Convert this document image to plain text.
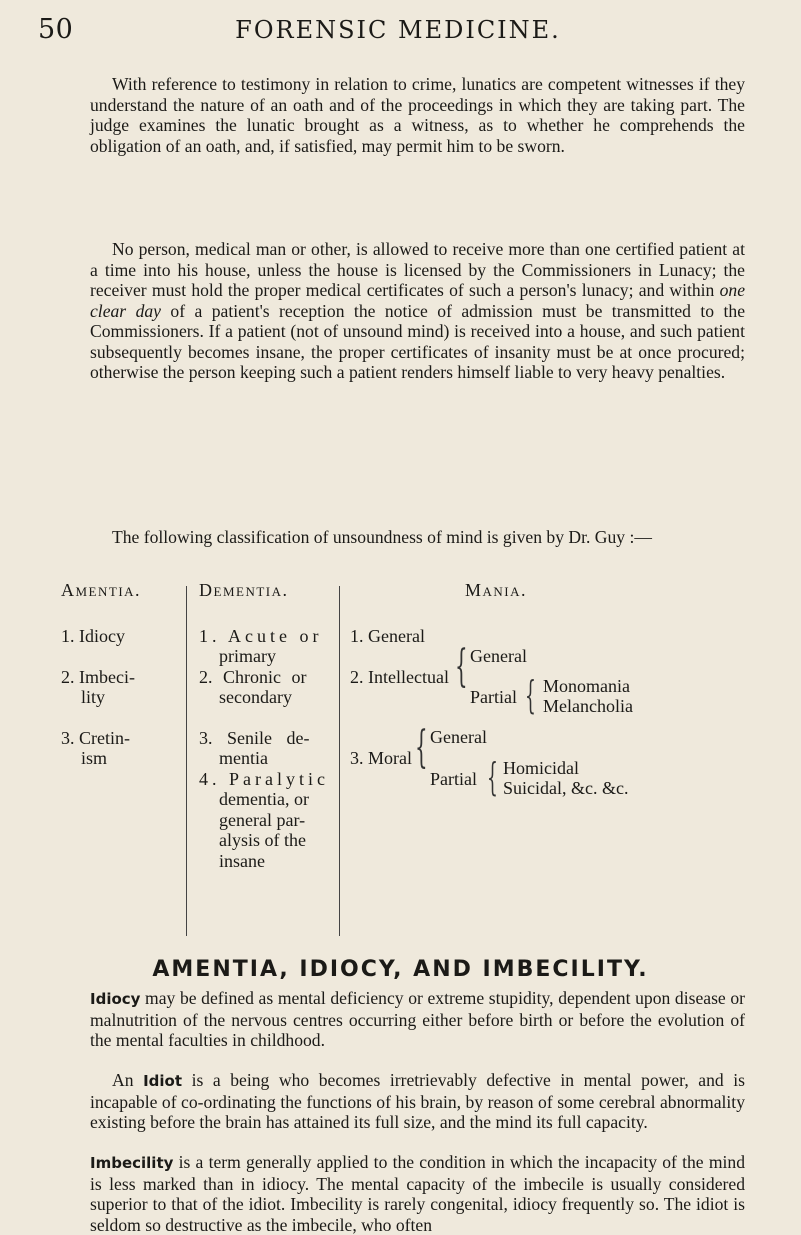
50	FORENSIC MEDICINE.

With reference to testimony in relation to crime, lunatics are competent witnesses if they understand the nature of an oath and of the proceedings in which they are taking part. The judge examines the lunatic brought as a witness, as to whether he comprehends the obligation of an oath, and, if satisfied, may permit him to be sworn.

No person, medical man or other, is allowed to receive more than one certified patient at a time into his house, unless the house is licensed by the Commissioners in Lunacy; the receiver must hold the proper medical certificates of such a person's lunacy; and within one clear day of a patient's reception the notice of admission must be transmitted to the Commissioners. If a patient (not of unsound mind) is received into a house, and such patient subsequently becomes insane, the proper certificates of insanity must be at once procured; otherwise the person keeping such a patient renders himself liable to very heavy penalties.

The following classification of unsoundness of mind is given by Dr. Guy :—

Amentia.
1. Idiocy
2. Imbeci-
lity
3. Cretin-
ism
Dementia.
1. Acute or
primary
2. Chronic or
secondary
3. Senile de-
mentia
4. Paralytic
dementia, or
general par-
alysis of the
insane
Mania.
1. General
{ General
2. Intellectual
Partial { Monomania
Melancholia
{ General
3. Moral
Partial { Homicidal
Suicidal, &c. &c.
AMENTIA, IDIOCY, AND IMBECILITY.

Idiocy may be defined as mental deficiency or extreme stupidity, dependent upon disease or malnutrition of the nervous centres occurring either before birth or before the evolution of the mental faculties in childhood.

An Idiot is a being who becomes irretrievably defective in mental power, and is incapable of co-ordinating the functions of his brain, by reason of some cerebral abnormality existing before the brain has attained its full size, and the mind its full capacity.

Imbecility is a term generally applied to the condition in which the incapacity of the mind is less marked than in idiocy. The mental capacity of the imbecile is usually considered superior to that of the idiot. Imbecility is rarely congenital, idiocy frequently so. The idiot is seldom so destructive as the imbecile, who often
